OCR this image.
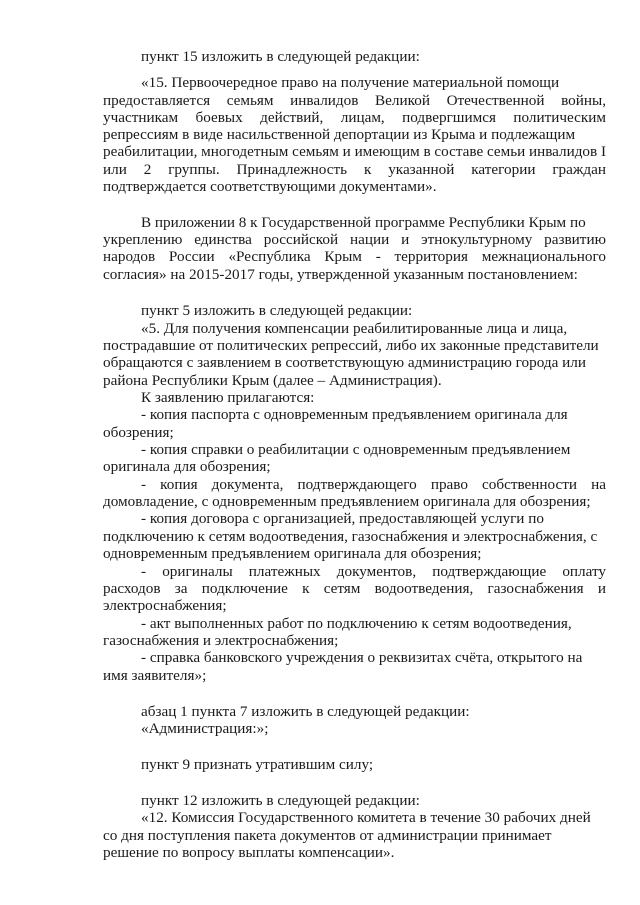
пункт 15 изложить в следующей редакции:
«15. Первоочередное право на получение материальной помощи
предоставляется семьям инвалидов Великой Отечественной войны,
участникам боевых действий, лицам, подвергшимся политическим
репрессиям в виде насильственной депортации из Крыма и подлежащим
реабилитации, многодетным семьям и имеющим в составе семьи инвалидов I
или 2 группы. Принадлежность к указанной категории граждан
подтверждается соответствующими документами».
В приложении 8 к Государственной программе Республики Крым по
укреплению единства российской нации и этнокультурному развитию
народов России «Республика Крым - территория межнационального
согласия» на 2015-2017 годы, утвержденной указанным постановлением:
пункт 5 изложить в следующей редакции:
«5. Для получения компенсации реабилитированные лица и лица,
пострадавшие от политических репрессий, либо их законные представители
обращаются с заявлением в соответствующую администрацию города или
района Республики Крым (далее – Администрация).
К заявлению прилагаются:
- копия паспорта с одновременным предъявлением оригинала для
обозрения;
- копия справки о реабилитации с одновременным предъявлением
оригинала для обозрения;
- копия документа, подтверждающего право собственности на
домовладение, с одновременным предъявлением оригинала для обозрения;
- копия договора с организацией, предоставляющей услуги по
подключению к сетям водоотведения, газоснабжения и электроснабжения, с
одновременным предъявлением оригинала для обозрения;
- оригиналы платежных документов, подтверждающие оплату
расходов за подключение к сетям водоотведения, газоснабжения и
электроснабжения;
- акт выполненных работ по подключению к сетям водоотведения,
газоснабжения и электроснабжения;
- справка банковского учреждения о реквизитах счёта, открытого на
имя заявителя»;
абзац 1 пункта 7 изложить в следующей редакции:
«Администрация:»;
пункт 9 признать утратившим силу;
пункт 12 изложить в следующей редакции:
«12. Комиссия Государственного комитета в течение 30 рабочих дней
со дня поступления пакета документов от администрации принимает
решение по вопросу выплаты компенсации».
